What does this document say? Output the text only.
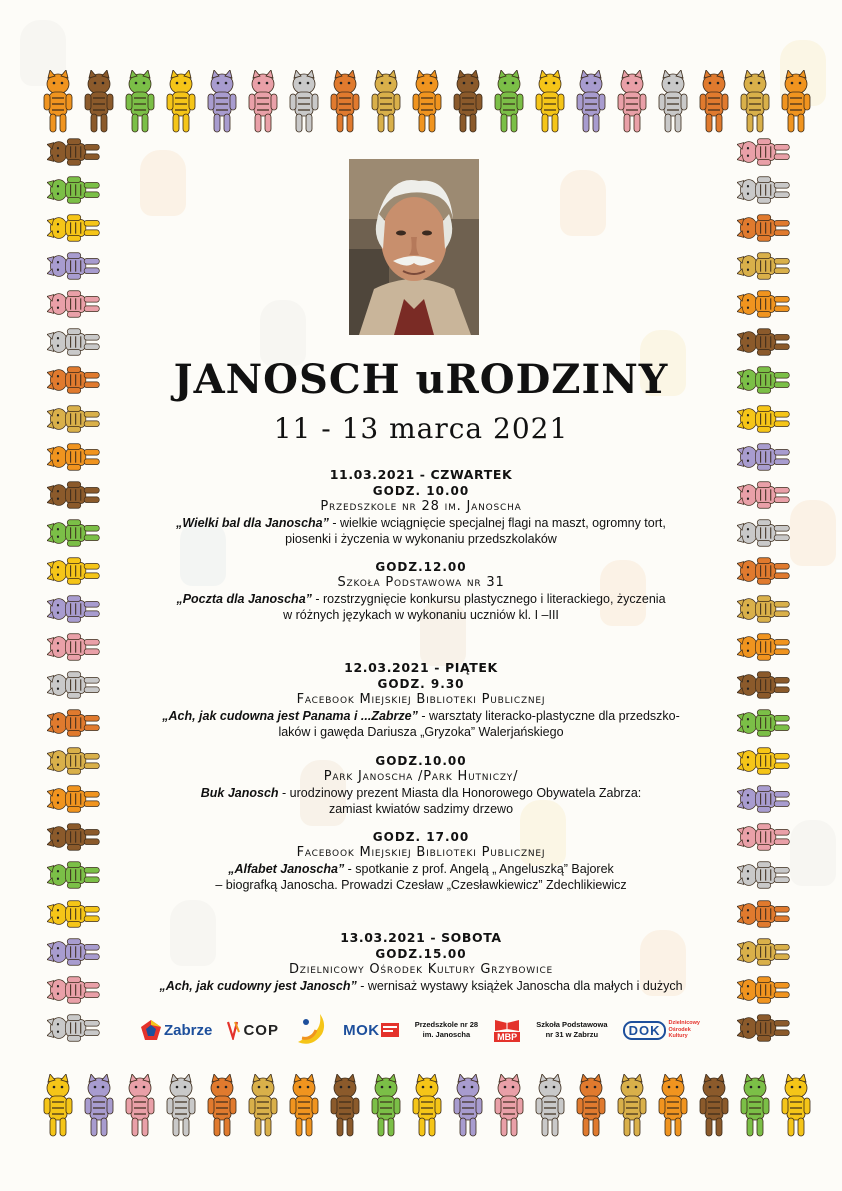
JANOSCH uRODZINY
11 - 13 marca 2021
11.03.2021 - CZWARTEK
GODZ. 10.00
Przedszkole nr 28 im. Janoscha
„Wielki bal dla Janoscha” - wielkie wciągnięcie specjalnej flagi na maszt, ogromny tort,
piosenki i życzenia w wykonaniu przedszkolaków
GODZ.12.00
Szkoła Podstawowa nr 31
„Poczta dla Janoscha” - rozstrzygnięcie konkursu plastycznego i literackiego, życzenia
w różnych językach w wykonaniu uczniów kl. I –III
12.03.2021 - PIĄTEK
GODZ. 9.30
Facebook Miejskiej Biblioteki Publicznej
„Ach, jak cudowna jest Panama i ...Zabrze” - warsztaty literacko-plastyczne dla przedszko-
laków i gawęda Dariusza „Gryzoka” Walerjańskiego
GODZ.10.00
Park Janoscha /Park Hutniczy/
Buk Janosch - urodzinowy prezent Miasta dla Honorowego Obywatela Zabrza:
zamiast kwiatów sadzimy drzewo
GODZ. 17.00
Facebook Miejskiej Biblioteki Publicznej
„Alfabet Janoscha” - spotkanie z prof. Angelą „ Angeluszką” Bajorek
– biografką Janoscha. Prowadzi Czesław „Czesławkiewicz” Zdechlikiewicz
13.03.2021 - SOBOTA
GODZ.15.00
Dzielnicowy Ośrodek Kultury Grzybowice
„Ach, jak cudowny jest Janosch” - wernisaż wystawy książek Janoscha dla małych i dużych
Zabrze COP	MOK	Przedszkole nr 28
im. Janoscha	MBP
Szkoła Podstawowa
nr 31 w Zabrzu	DOK	Dzielnicowy
Ośrodek
Kultury
